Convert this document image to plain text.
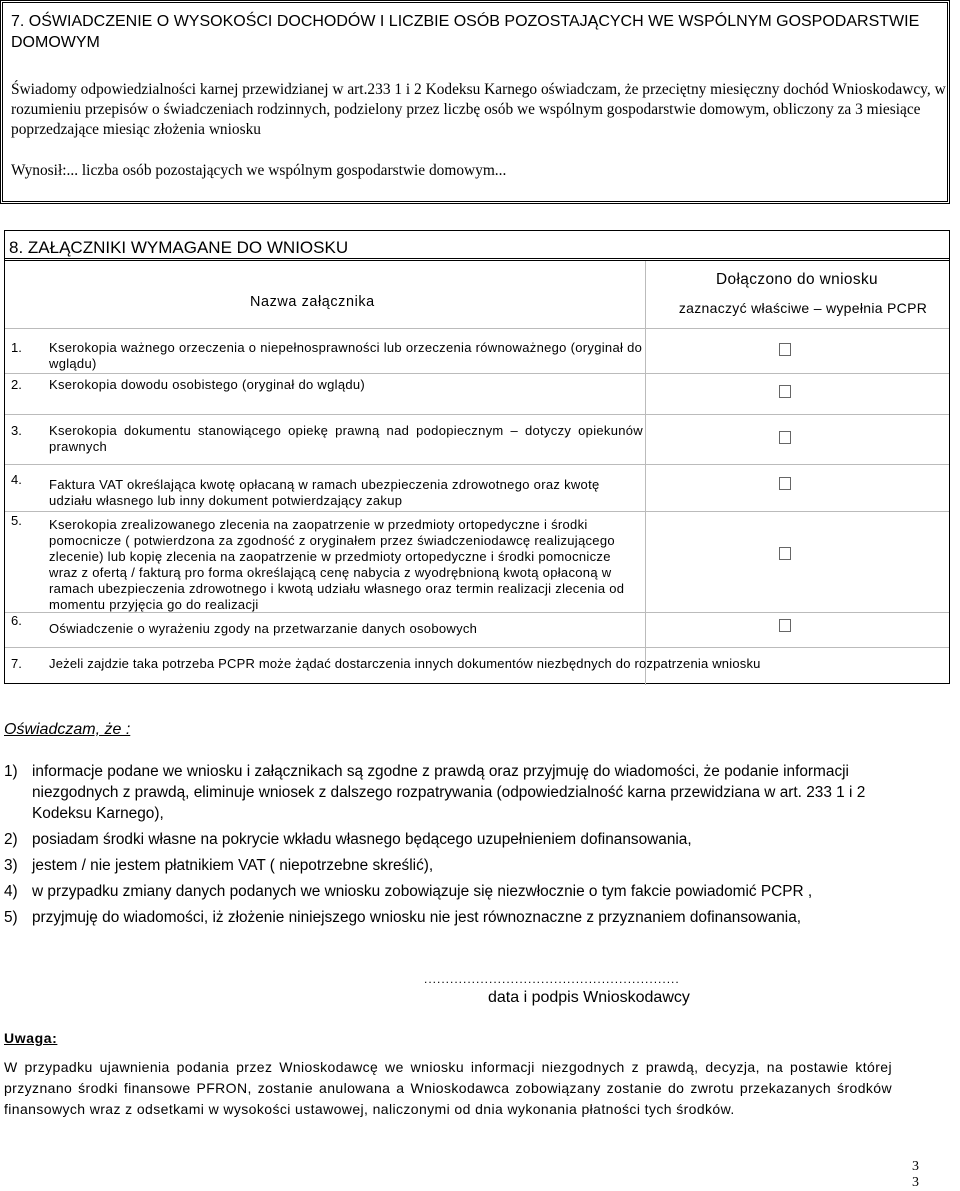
7. OŚWIADCZENIE O WYSOKOŚCI DOCHODÓW I LICZBIE OSÓB POZOSTAJĄCYCH WE WSPÓLNYM GOSPODARSTWIE DOMOWYM
Świadomy odpowiedzialności karnej przewidzianej w art.233 1 i 2 Kodeksu Karnego oświadczam, że przeciętny miesięczny dochód Wnioskodawcy, w rozumieniu przepisów o świadczeniach rodzinnych, podzielony przez liczbę osób we wspólnym gospodarstwie domowym, obliczony za 3 miesiące poprzedzające miesiąc złożenia wniosku
Wynosił:... liczba osób pozostających we wspólnym gospodarstwie domowym...
8. ZAŁĄCZNIKI WYMAGANE DO WNIOSKU
Nazwa załącznika
Dołączono do wniosku
zaznaczyć właściwe – wypełnia PCPR
1. Kserokopia ważnego orzeczenia o niepełnosprawności lub orzeczenia równoważnego (oryginał do wglądu)
2. Kserokopia dowodu osobistego (oryginał do wglądu)
3. Kserokopia dokumentu stanowiącego opiekę prawną nad podopiecznym – dotyczy opiekunów prawnych
4. Faktura VAT określająca kwotę opłacaną w ramach ubezpieczenia zdrowotnego oraz kwotę udziału własnego lub inny dokument potwierdzający zakup
5. Kserokopia zrealizowanego zlecenia na zaopatrzenie w przedmioty ortopedyczne i środki pomocnicze ( potwierdzona za zgodność z oryginałem przez świadczeniodawcę realizującego zlecenie) lub kopię zlecenia na zaopatrzenie w przedmioty ortopedyczne i środki pomocnicze wraz z ofertą / fakturą pro forma określającą cenę nabycia z wyodrębnioną kwotą opłaconą w ramach ubezpieczenia zdrowotnego i kwotą udziału własnego oraz termin realizacji zlecenia od momentu przyjęcia go do realizacji
6.
Oświadczenie o wyrażeniu zgody na przetwarzanie danych osobowych
7. Jeżeli zajdzie taka potrzeba PCPR może żądać dostarczenia innych dokumentów niezbędnych do rozpatrzenia wniosku
Oświadczam, że :
1) informacje podane we wniosku i załącznikach są zgodne z prawdą oraz przyjmuję do wiadomości, że podanie informacji niezgodnych z prawdą, eliminuje wniosek z dalszego rozpatrywania (odpowiedzialność karna przewidziana w art. 233 1 i 2 Kodeksu Karnego),
2) posiadam środki własne na pokrycie wkładu własnego będącego uzupełnieniem dofinansowania,
3) jestem / nie jestem płatnikiem VAT ( niepotrzebne skreślić),
4) w przypadku zmiany danych podanych we wniosku zobowiązuje się niezwłocznie o tym fakcie powiadomić PCPR ,
5) przyjmuję do wiadomości, iż złożenie niniejszego wniosku nie jest równoznaczne z przyznaniem dofinansowania,
...........................................................
data i podpis Wnioskodawcy
Uwaga:
W przypadku ujawnienia podania przez Wnioskodawcę we wniosku informacji niezgodnych z prawdą, decyzja, na postawie której przyznano środki finansowe PFRON, zostanie anulowana a Wnioskodawca zobowiązany zostanie do zwrotu przekazanych środków finansowych wraz z odsetkami w wysokości ustawowej, naliczonymi od dnia wykonania płatności tych środków.
3 3
